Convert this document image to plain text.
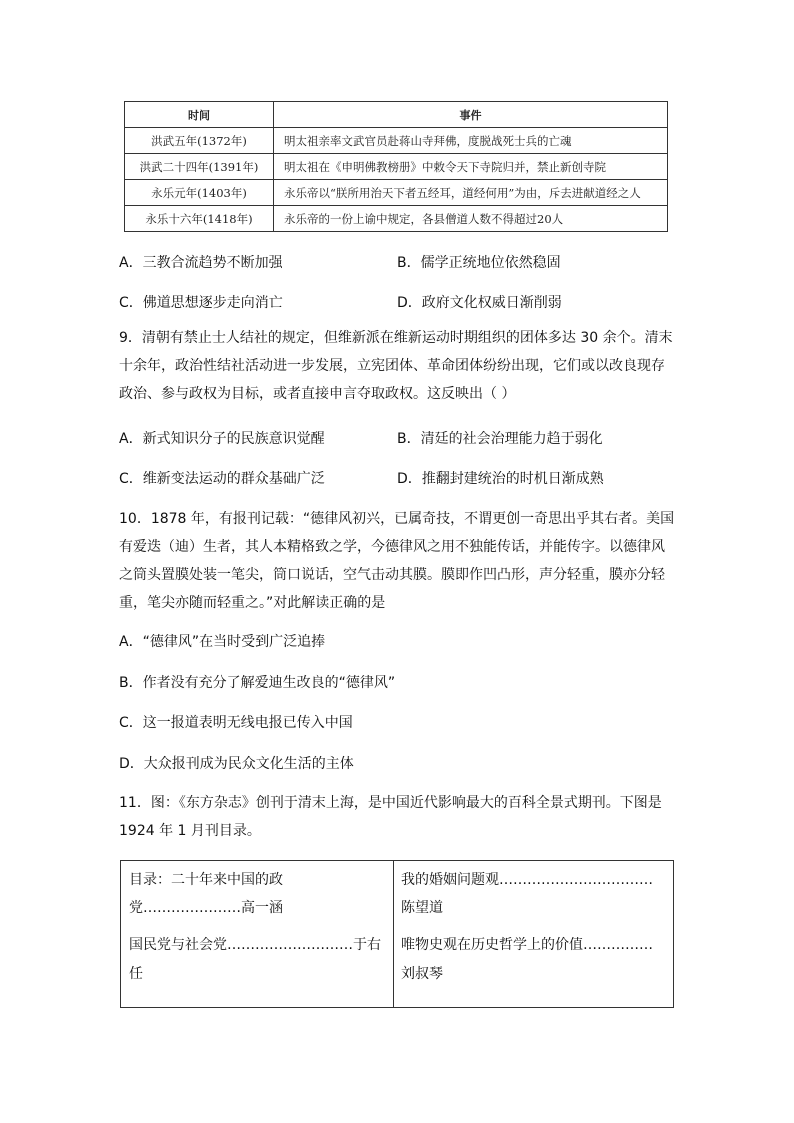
时间	事件
洪武五年(1372年)	明太祖亲率文武官员赴蒋山寺拜佛，度脱战死士兵的亡魂
洪武二十四年(1391年)	明太祖在《申明佛教榜册》中敕令天下寺院归并，禁止新创寺院
永乐元年(1403年)	永乐帝以“朕所用治天下者五经耳，道经何用”为由，斥去进献道经之人
永乐十六年(1418年)	永乐帝的一份上谕中规定，各县僧道人数不得超过20人
A．三教合流趋势不断加强	B．儒学正统地位依然稳固
C．佛道思想逐步走向消亡	D．政府文化权威日渐削弱
9．清朝有禁止士人结社的规定，但维新派在维新运动时期组织的团体多达 30 余个。清末
十余年，政治性结社活动进一步发展，立宪团体、革命团体纷纷出现，它们或以改良现存
政治、参与政权为目标，或者直接申言夺取政权。这反映出（ ）
A．新式知识分子的民族意识觉醒	B．清廷的社会治理能力趋于弱化
C．维新变法运动的群众基础广泛	D．推翻封建统治的时机日渐成熟
10．1878 年，有报刊记载：“德律风初兴，已属奇技，不谓更创一奇思出乎其右者。美国
有爱迭（迪）生者，其人本精格致之学，今德律风之用不独能传话，并能传字。以德律风
之筒头置膜处装一笔尖，筒口说话，空气击动其膜。膜即作凹凸形，声分轻重，膜亦分轻
重，笔尖亦随而轻重之。”对此解读正确的是
A．“德律风”在当时受到广泛追捧
B．作者没有充分了解爱迪生改良的“德律风”
C．这一报道表明无线电报已传入中国
D．大众报刊成为民众文化生活的主体
11．图：《东方杂志》创刊于清末上海，是中国近代影响最大的百科全景式期刊。下图是
1924 年 1 月刊目录。
目录：二十年来中国的政
党…………………高一涵
国民党与社会党………………………于右
任
我的婚姻问题观……………………………
陈望道
唯物史观在历史哲学上的价值……………
刘叔琴
